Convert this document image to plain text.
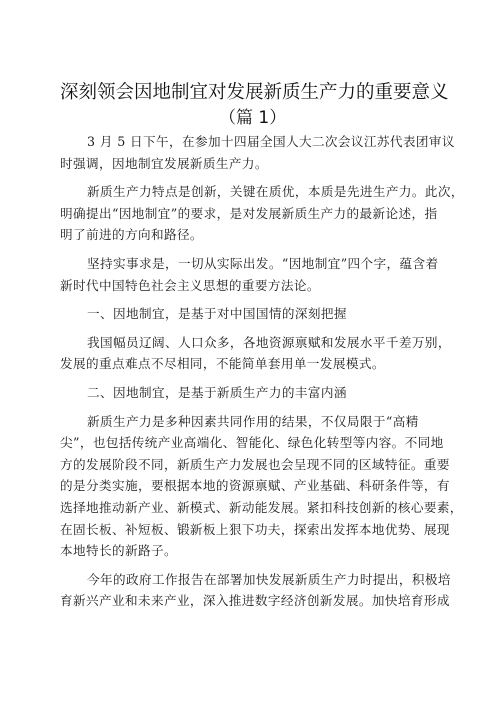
深刻领会因地制宜对发展新质生产力的重要意义
（篇 1）
3 月 5 日下午，在参加十四届全国人大二次会议江苏代表团审议
时强调，因地制宜发展新质生产力。
新质生产力特点是创新，关键在质优，本质是先进生产力。此次，
明确提出“因地制宜”的要求，是对发展新质生产力的最新论述，指
明了前进的方向和路径。
坚持实事求是，一切从实际出发。“因地制宜”四个字，蕴含着
新时代中国特色社会主义思想的重要方法论。
一、因地制宜，是基于对中国国情的深刻把握
我国幅员辽阔、人口众多，各地资源禀赋和发展水平千差万别，
发展的重点难点不尽相同，不能简单套用单一发展模式。
二、因地制宜，是基于新质生产力的丰富内涵
新质生产力是多种因素共同作用的结果，不仅局限于“高精
尖”，也包括传统产业高端化、智能化、绿色化转型等内容。不同地
方的发展阶段不同，新质生产力发展也会呈现不同的区域特征。重要
的是分类实施，要根据本地的资源禀赋、产业基础、科研条件等，有
选择地推动新产业、新模式、新动能发展。紧扣科技创新的核心要素，
在固长板、补短板、锻新板上狠下功夫，探索出发挥本地优势、展现
本地特长的新路子。
今年的政府工作报告在部署加快发展新质生产力时提出，积极培
育新兴产业和未来产业，深入推进数字经济创新发展。加快培育形成
